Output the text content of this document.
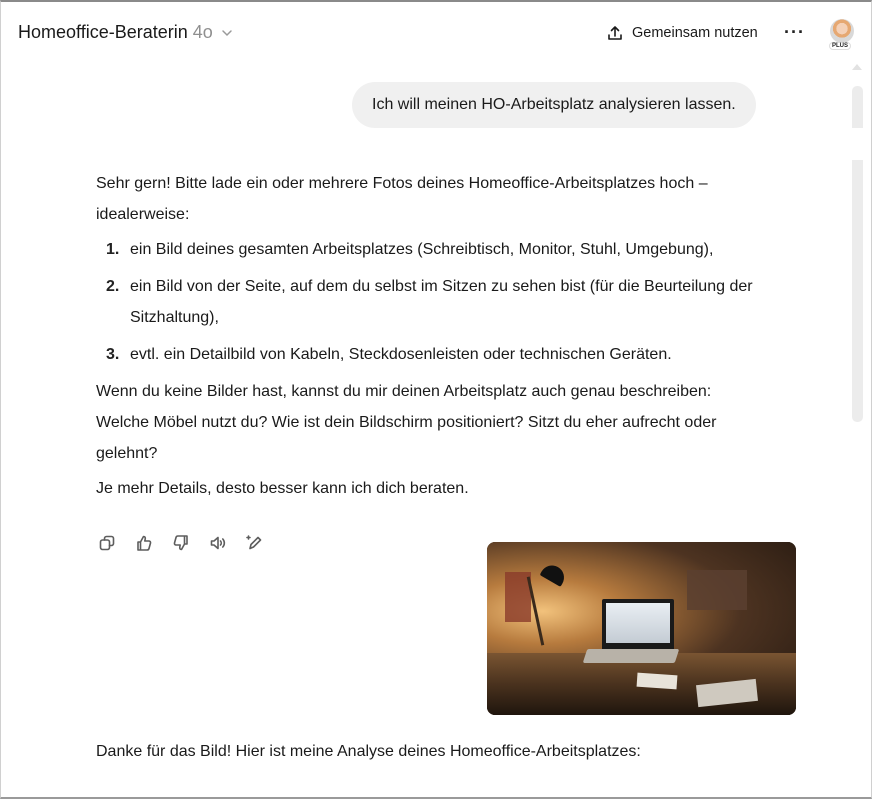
Homeoffice-Beraterin 4o	Gemeinsam nutzen ···
PLUS
Ich will meinen HO-Arbeitsplatz analysieren lassen.

Sehr gern! Bitte lade ein oder mehrere Fotos deines Homeoffice-Arbeitsplatzes hoch – idealerweise:

1. ein Bild deines gesamten Arbeitsplatzes (Schreibtisch, Monitor, Stuhl, Umgebung),
2. ein Bild von der Seite, auf dem du selbst im Sitzen zu sehen bist (für die Beurteilung der Sitzhaltung),
3. evtl. ein Detailbild von Kabeln, Steckdosenleisten oder technischen Geräten.

Wenn du keine Bilder hast, kannst du mir deinen Arbeitsplatz auch genau beschreiben: Welche Möbel nutzt du? Wie ist dein Bildschirm positioniert? Sitzt du eher aufrecht oder gelehnt?

Je mehr Details, desto besser kann ich dich beraten.

Danke für das Bild! Hier ist meine Analyse deines Homeoffice-Arbeitsplatzes:
